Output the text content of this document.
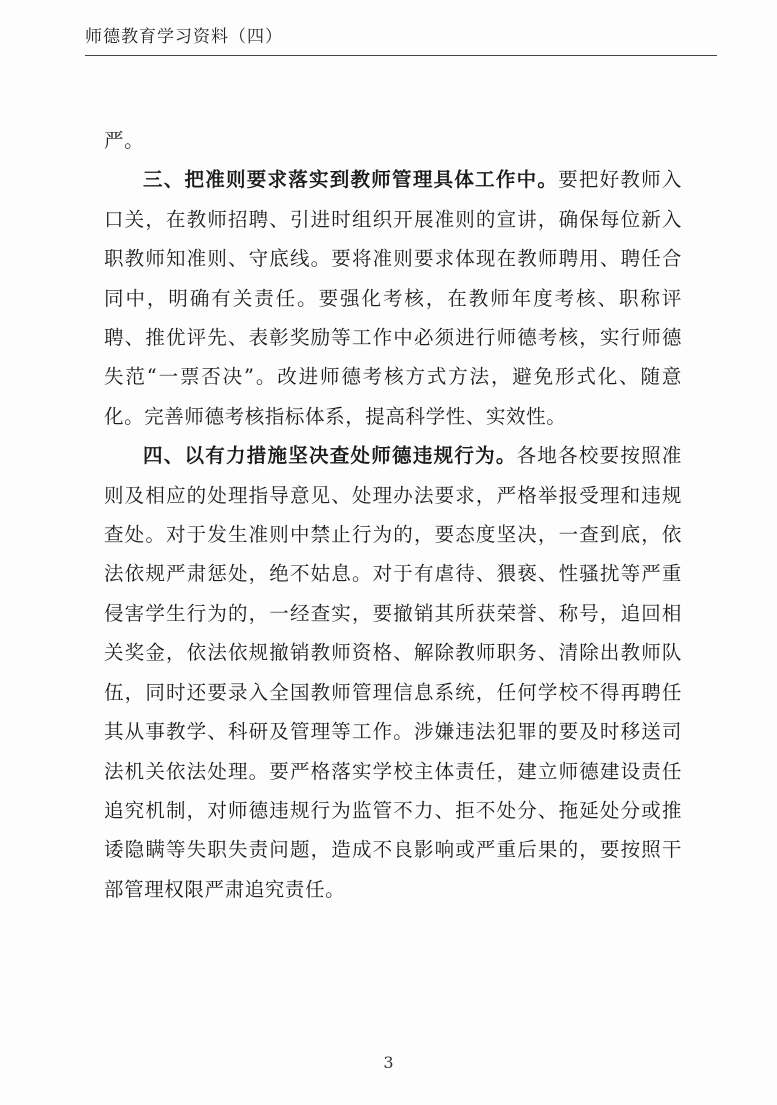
师德教育学习资料（四）

严。

三、把准则要求落实到教师管理具体工作中。要把好教师入口关，在教师招聘、引进时组织开展准则的宣讲，确保每位新入职教师知准则、守底线。要将准则要求体现在教师聘用、聘任合同中，明确有关责任。要强化考核，在教师年度考核、职称评聘、推优评先、表彰奖励等工作中必须进行师德考核，实行师德失范“一票否决”。改进师德考核方式方法，避免形式化、随意化。完善师德考核指标体系，提高科学性、实效性。

四、以有力措施坚决查处师德违规行为。各地各校要按照准则及相应的处理指导意见、处理办法要求，严格举报受理和违规查处。对于发生准则中禁止行为的，要态度坚决，一查到底，依法依规严肃惩处，绝不姑息。对于有虐待、猥亵、性骚扰等严重侵害学生行为的，一经查实，要撤销其所获荣誉、称号，追回相关奖金，依法依规撤销教师资格、解除教师职务、清除出教师队伍，同时还要录入全国教师管理信息系统，任何学校不得再聘任其从事教学、科研及管理等工作。涉嫌违法犯罪的要及时移送司法机关依法处理。要严格落实学校主体责任，建立师德建设责任追究机制，对师德违规行为监管不力、拒不处分、拖延处分或推诿隐瞒等失职失责问题，造成不良影响或严重后果的，要按照干部管理权限严肃追究责任。

3
